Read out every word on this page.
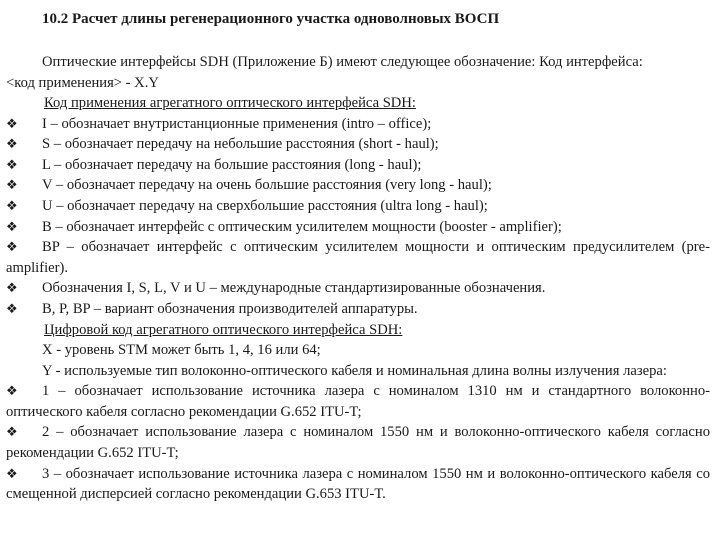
10.2 Расчет длины регенерационного участка одноволновых ВОСП
Оптические интерфейсы SDH (Приложение Б) имеют следующее обозначение: Код интерфейса:
<код применения> - X.Y
Код применения агрегатного оптического интерфейса SDH:
❖	I – обозначает внутристанционные применения (intro – office);
❖	S – обозначает передачу на небольшие расстояния (short - haul);
❖	L – обозначает передачу на большие расстояния (long - haul);
❖	V – обозначает передачу на очень большие расстояния (very long - haul);
❖	U – обозначает передачу на сверхбольшие расстояния (ultra long - haul);
❖	B – обозначает интерфейс с оптическим усилителем мощности (booster - amplifier);
❖ BP – обозначает интерфейс с оптическим усилителем мощности и оптическим предусилителем (pre-amplifier).
❖	Обозначения I, S, L, V и U – международные стандартизированные обозначения.
❖	B, P, BP – вариант обозначения производителей аппаратуры.
Цифровой код агрегатного оптического интерфейса SDH:
X - уровень STM может быть 1, 4, 16 или 64;
Y - используемые тип волоконно-оптического кабеля и номинальная длина волны излучения лазера:
❖ 1 – обозначает использование источника лазера с номиналом 1310 нм и стандартного волоконно-оптического кабеля согласно рекомендации G.652 ITU-T;
❖ 2 – обозначает использование лазера с номиналом 1550 нм и волоконно-оптического кабеля согласно рекомендации G.652 ITU-T;
❖ 3 – обозначает использование источника лазера с номиналом 1550 нм и волоконно-оптического кабеля со смещенной дисперсией согласно рекомендации G.653 ITU-T.
